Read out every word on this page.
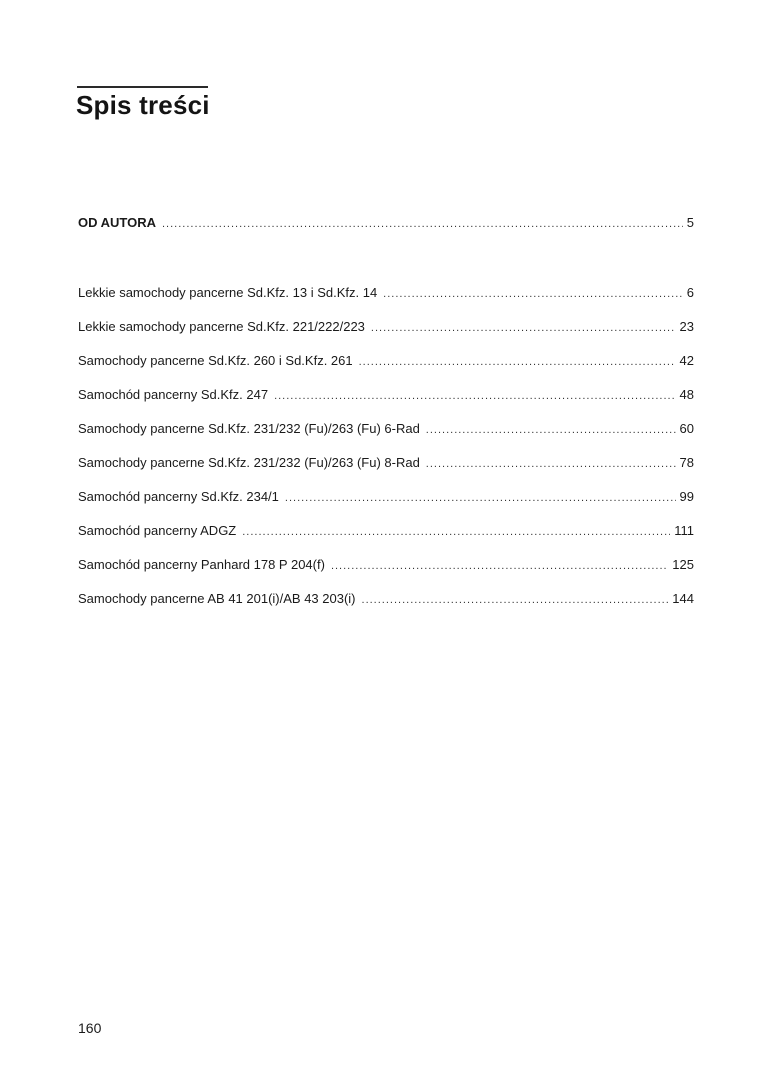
Spis treści
OD AUTORA .....	5
Lekkie samochody pancerne Sd.Kfz. 13 i Sd.Kfz. 14 .....	6
Lekkie samochody pancerne Sd.Kfz. 221/222/223 .....	23
Samochody pancerne Sd.Kfz. 260 i Sd.Kfz. 261 .....	42
Samochód pancerny Sd.Kfz. 247 .....	48
Samochody pancerne Sd.Kfz. 231/232 (Fu)/263 (Fu) 6-Rad .....	60
Samochody pancerne Sd.Kfz. 231/232 (Fu)/263 (Fu) 8-Rad .....	78
Samochód pancerny Sd.Kfz. 234/1 .....	99
Samochód pancerny ADGZ .....	111
Samochód pancerny Panhard 178 P 204(f) .....	125
Samochody pancerne AB 41 201(i)/AB 43 203(i) .....	144
160
